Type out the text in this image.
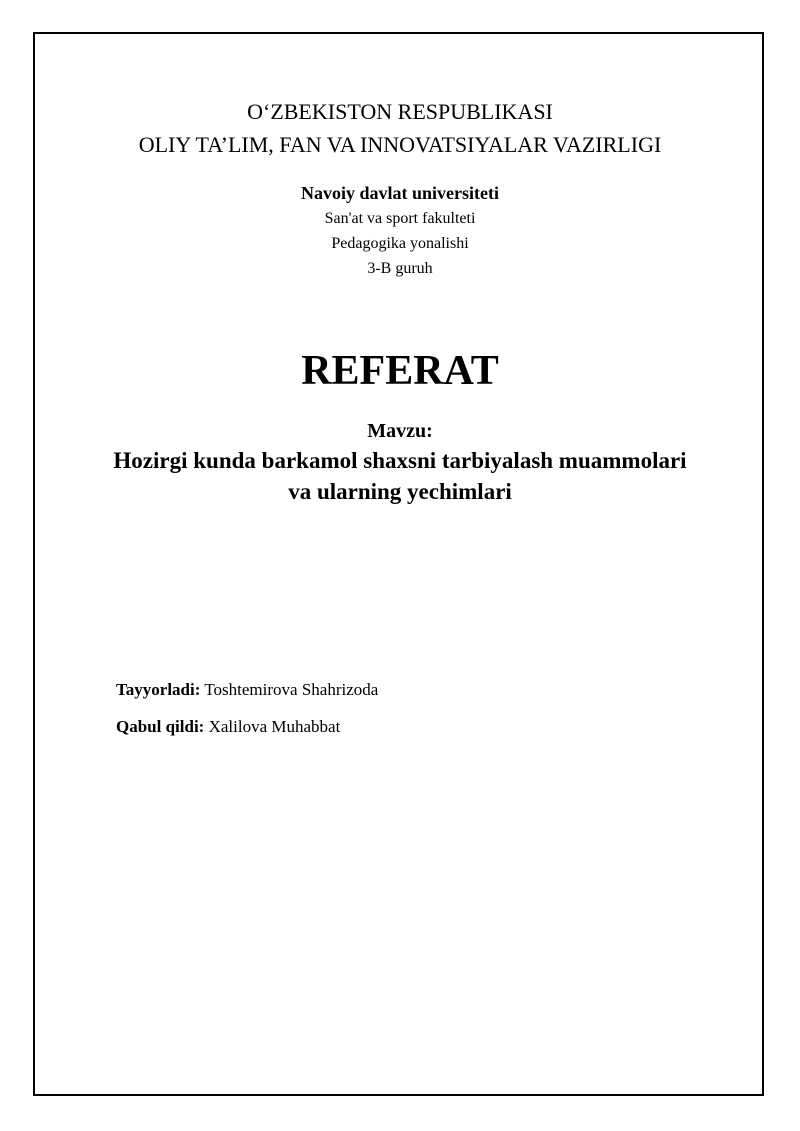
O‘ZBEKISTON RESPUBLIKASI
OLIY TA’LIM, FAN VA INNOVATSIYALAR VAZIRLIGI
Navoiy davlat universiteti
San'at va sport fakulteti
Pedagogika yonalishi
3-B guruh
REFERAT
Mavzu:
Hozirgi kunda barkamol shaxsni tarbiyalash muammolari
va ularning yechimlari
Tayyorladi: Toshtemirova Shahrizoda
Qabul qildi: Xalilova Muhabbat
